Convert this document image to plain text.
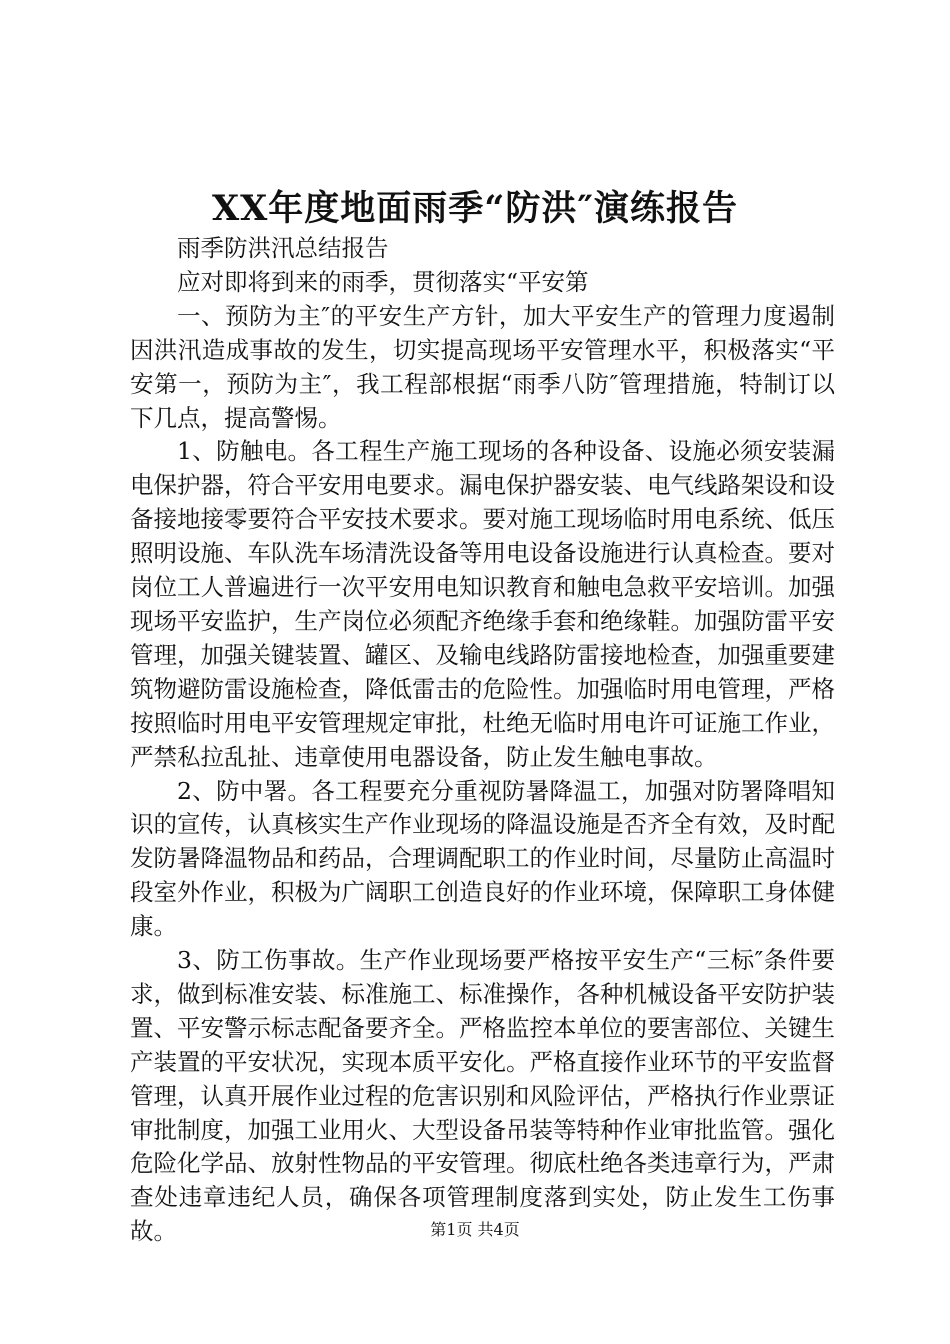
XX年度地面雨季“防洪″演练报告

雨季防洪汛总结报告

应对即将到来的雨季，贯彻落实“平安第

一、预防为主″的平安生产方针，加大平安生产的管理力度遏制因洪汛造成事故的发生，切实提高现场平安管理水平，积极落实“平安第一，预防为主″，我工程部根据“雨季八防″管理措施，特制订以下几点，提高警惕。

1、防触电。各工程生产施工现场的各种设备、设施必须安装漏电保护器，符合平安用电要求。漏电保护器安装、电气线路架设和设备接地接零要符合平安技术要求。要对施工现场临时用电系统、低压照明设施、车队洗车场清洗设备等用电设备设施进行认真检查。要对岗位工人普遍进行一次平安用电知识教育和触电急救平安培训。加强现场平安监护，生产岗位必须配齐绝缘手套和绝缘鞋。加强防雷平安管理，加强关键装置、罐区、及输电线路防雷接地检查，加强重要建筑物避防雷设施检查，降低雷击的危险性。加强临时用电管理，严格按照临时用电平安管理规定审批，杜绝无临时用电许可证施工作业，严禁私拉乱扯、违章使用电器设备，防止发生触电事故。

2、防中署。各工程要充分重视防暑降温工，加强对防署降唱知识的宣传，认真核实生产作业现场的降温设施是否齐全有效，及时配发防暑降温物品和药品，合理调配职工的作业时间，尽量防止高温时段室外作业，积极为广阔职工创造良好的作业环境，保障职工身体健康。

3、防工伤事故。生产作业现场要严格按平安生产“三标″条件要求，做到标准安装、标准施工、标准操作，各种机械设备平安防护装置、平安警示标志配备要齐全。严格监控本单位的要害部位、关键生产装置的平安状况，实现本质平安化。严格直接作业环节的平安监督管理，认真开展作业过程的危害识别和风险评估，严格执行作业票证审批制度，加强工业用火、大型设备吊装等特种作业审批监管。强化危险化学品、放射性物品的平安管理。彻底杜绝各类违章行为，严肃查处违章违纪人员，确保各项管理制度落到实处，防止发生工伤事故。	第1页 共4页
